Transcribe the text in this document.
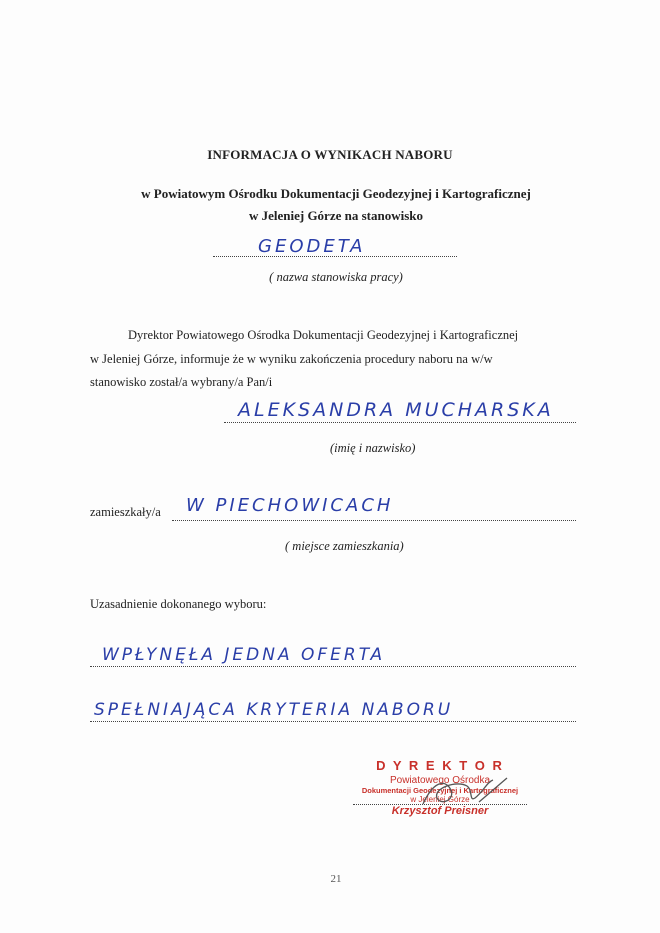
INFORMACJA O WYNIKACH NABORU
w Powiatowym Ośrodku Dokumentacji Geodezyjnej i Kartograficznej
w Jeleniej Górze na stanowisko
GEODETA
( nazwa stanowiska pracy)
Dyrektor Powiatowego Ośrodka Dokumentacji Geodezyjnej i Kartograficznej
w Jeleniej Górze, informuje że w wyniku zakończenia procedury naboru na w/w
stanowisko został/a wybrany/a Pan/i
ALEKSANDRA MUCHARSKA
(imię i nazwisko)
zamieszkały/a W PIECHOWICACH
( miejsce zamieszkania)
Uzasadnienie dokonanego wyboru:
WPŁYNĘŁA JEDNA OFERTA
SPEŁNIAJĄCA KRYTERIA NABORU
D Y R E K T O R
Powiatowego Ośrodka
Dokumentacji Geodezyjnej i Kartograficznej
w Jeleniej Górze
Krzysztof Preisner
21
